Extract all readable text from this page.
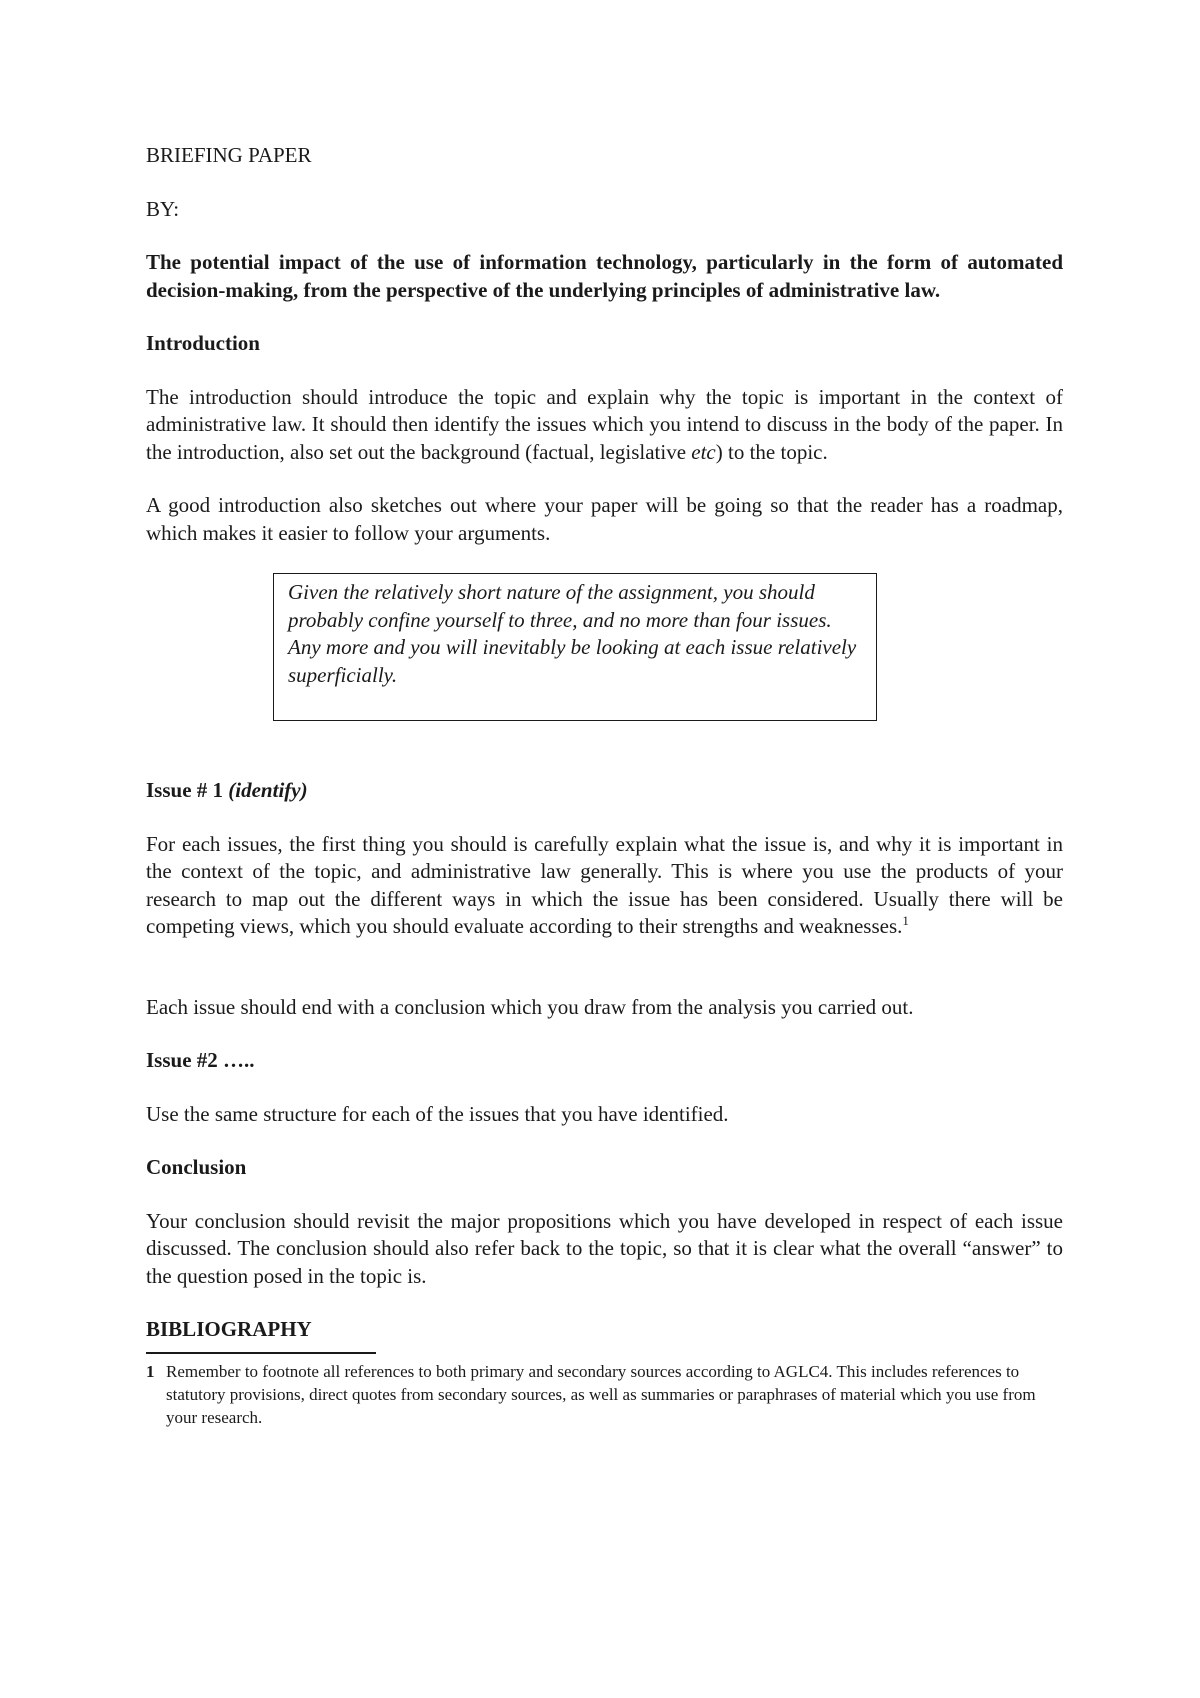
BRIEFING PAPER

BY:

The potential impact of the use of information technology, particularly in the form of automated decision-making, from the perspective of the underlying principles of administrative law.

Introduction

The introduction should introduce the topic and explain why the topic is important in the context of administrative law. It should then identify the issues which you intend to discuss in the body of the paper. In the introduction, also set out the background (factual, legislative etc) to the topic.

A good introduction also sketches out where your paper will be going so that the reader has a roadmap, which makes it easier to follow your arguments.

Given the relatively short nature of the assignment, you should probably confine yourself to three, and no more than four issues. Any more and you will inevitably be looking at each issue relatively superficially.

Issue # 1 (identify)

For each issues, the first thing you should is carefully explain what the issue is, and why it is important in the context of the topic, and administrative law generally. This is where you use the products of your research to map out the different ways in which the issue has been considered. Usually there will be competing views, which you should evaluate according to their strengths and weaknesses.$^1$

Each issue should end with a conclusion which you draw from the analysis you carried out.

Issue #2 …..

Use the same structure for each of the issues that you have identified.

Conclusion

Your conclusion should revisit the major propositions which you have developed in respect of each issue discussed. The conclusion should also refer back to the topic, so that it is clear what the overall “answer” to the question posed in the topic is.

BIBLIOGRAPHY

1 Remember to footnote all references to both primary and secondary sources according to AGLC4. This includes references to statutory provisions, direct quotes from secondary sources, as well as summaries or paraphrases of material which you use from your research.
